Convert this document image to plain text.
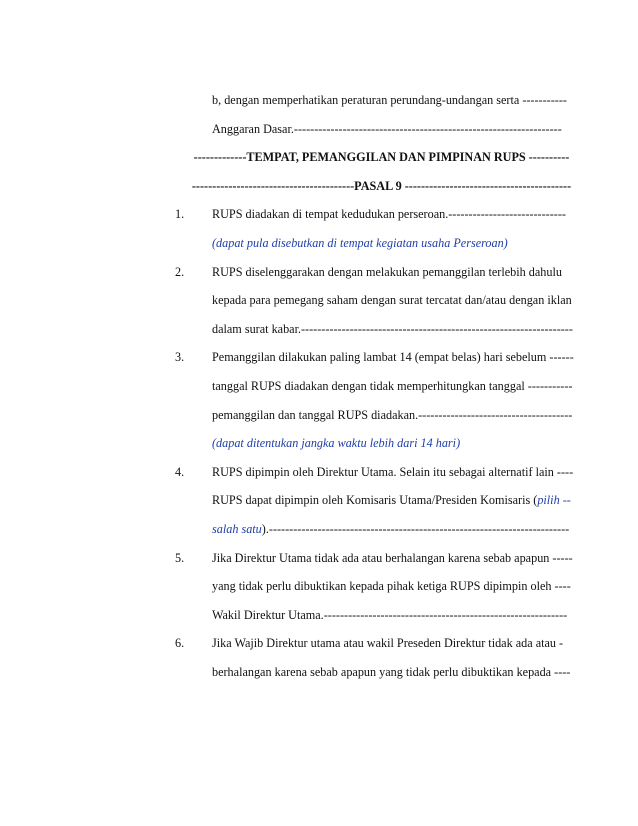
b, dengan memperhatikan peraturan perundang-undangan serta -----------
Anggaran Dasar.------------------------------------------------------------------
-------------TEMPAT, PEMANGGILAN DAN PIMPINAN RUPS ----------
----------------------------------------PASAL 9 -----------------------------------------
1. RUPS diadakan di tempat kedudukan perseroan.-----------------------------
(dapat pula disebutkan di tempat kegiatan usaha Perseroan)
2. RUPS diselenggarakan dengan melakukan pemanggilan terlebih dahulu
kepada para pemegang saham dengan surat tercatat dan/atau dengan iklan
dalam surat kabar.-------------------------------------------------------------------
3. Pemanggilan dilakukan paling lambat 14 (empat belas) hari sebelum ------
tanggal RUPS diadakan dengan tidak memperhitungkan tanggal -----------
pemanggilan dan tanggal RUPS diadakan.--------------------------------------
(dapat ditentukan jangka waktu lebih dari 14 hari)
4. RUPS dipimpin oleh Direktur Utama. Selain itu sebagai alternatif lain ----
RUPS dapat dipimpin oleh Komisaris Utama/Presiden Komisaris (pilih --
salah satu).--------------------------------------------------------------------------
5. Jika Direktur Utama tidak ada atau berhalangan karena sebab apapun -----
yang tidak perlu dibuktikan kepada pihak ketiga RUPS dipimpin oleh ----
Wakil Direktur Utama.------------------------------------------------------------
6. Jika Wajib Direktur utama atau wakil Preseden Direktur tidak ada atau -
berhalangan karena sebab apapun yang tidak perlu dibuktikan kepada ----
